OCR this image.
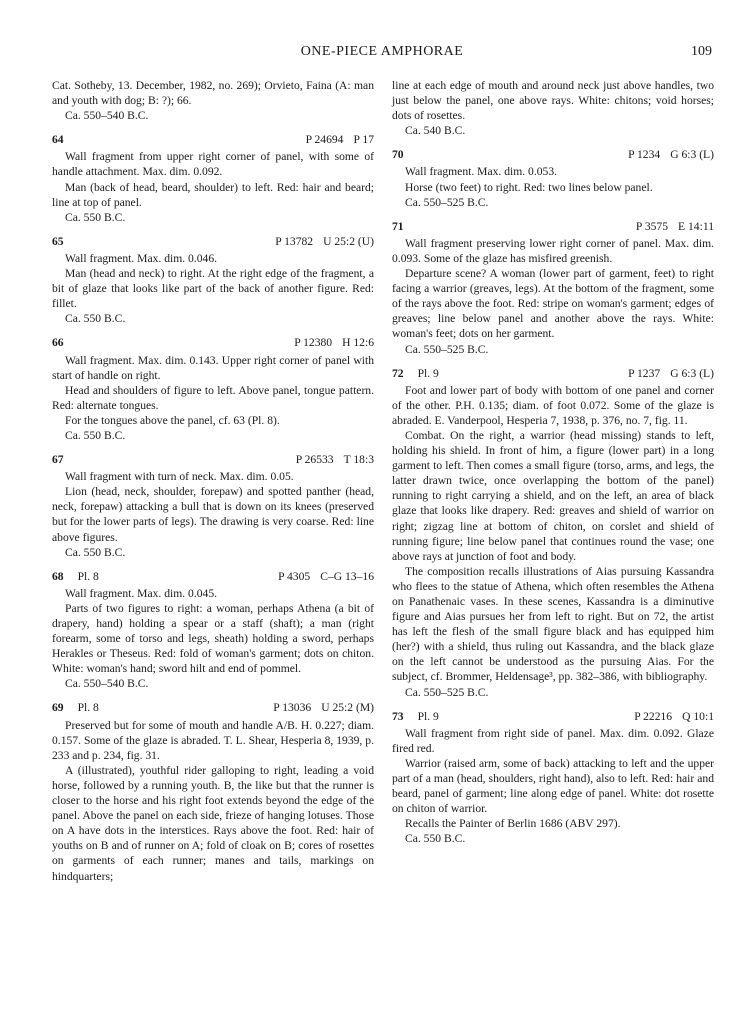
ONE-PIECE AMPHORAE	109

Cat. Sotheby, 13. December, 1982, no. 269); Orvieto, Faina (A: man and youth with dog; B: ?); 66.

Ca. 550–540 B.C.

64	P 24694 P 17

Wall fragment from upper right corner of panel, with some of handle attachment. Max. dim. 0.092.

Man (back of head, beard, shoulder) to left. Red: hair and beard; line at top of panel.

Ca. 550 B.C.

65	P 13782 U 25:2 (U)

Wall fragment. Max. dim. 0.046.

Man (head and neck) to right. At the right edge of the fragment, a bit of glaze that looks like part of the back of another figure. Red: fillet.

Ca. 550 B.C.

66	P 12380 H 12:6

Wall fragment. Max. dim. 0.143. Upper right corner of panel with start of handle on right.

Head and shoulders of figure to left. Above panel, tongue pattern. Red: alternate tongues.

For the tongues above the panel, cf. 63 (Pl. 8).

Ca. 550 B.C.

67	P 26533 T 18:3

Wall fragment with turn of neck. Max. dim. 0.05.

Lion (head, neck, shoulder, forepaw) and spotted panther (head, neck, forepaw) attacking a bull that is down on its knees (preserved but for the lower parts of legs). The drawing is very coarse. Red: line above figures.

Ca. 550 B.C.

68 Pl. 8	P 4305 C–G 13–16

Wall fragment. Max. dim. 0.045.

Parts of two figures to right: a woman, perhaps Athena (a bit of drapery, hand) holding a spear or a staff (shaft); a man (right forearm, some of torso and legs, sheath) holding a sword, perhaps Herakles or Theseus. Red: fold of woman's garment; dots on chiton. White: woman's hand; sword hilt and end of pommel.

Ca. 550–540 B.C.

69 Pl. 8	P 13036 U 25:2 (M)

Preserved but for some of mouth and handle A/B. H. 0.227; diam. 0.157. Some of the glaze is abraded. T. L. Shear, Hesperia 8, 1939, p. 233 and p. 234, fig. 31.

A (illustrated), youthful rider galloping to right, leading a void horse, followed by a running youth. B, the like but that the runner is closer to the horse and his right foot extends beyond the edge of the panel. Above the panel on each side, frieze of hanging lotuses. Those on A have dots in the interstices. Rays above the foot. Red: hair of youths on B and of runner on A; fold of cloak on B; cores of rosettes on garments of each runner; manes and tails, markings on hindquarters;

line at each edge of mouth and around neck just above handles, two just below the panel, one above rays. White: chitons; void horses; dots of rosettes.

Ca. 540 B.C.

70	P 1234 G 6:3 (L)

Wall fragment. Max. dim. 0.053.

Horse (two feet) to right. Red: two lines below panel.

Ca. 550–525 B.C.

71	P 3575 E 14:11

Wall fragment preserving lower right corner of panel. Max. dim. 0.093. Some of the glaze has misfired greenish.

Departure scene? A woman (lower part of garment, feet) to right facing a warrior (greaves, legs). At the bottom of the fragment, some of the rays above the foot. Red: stripe on woman's garment; edges of greaves; line below panel and another above the rays. White: woman's feet; dots on her garment.

Ca. 550–525 B.C.

72 Pl. 9	P 1237 G 6:3 (L)

Foot and lower part of body with bottom of one panel and corner of the other. P.H. 0.135; diam. of foot 0.072. Some of the glaze is abraded. E. Vanderpool, Hesperia 7, 1938, p. 376, no. 7, fig. 11.

Combat. On the right, a warrior (head missing) stands to left, holding his shield. In front of him, a figure (lower part) in a long garment to left. Then comes a small figure (torso, arms, and legs, the latter drawn twice, once overlapping the bottom of the panel) running to right carrying a shield, and on the left, an area of black glaze that looks like drapery. Red: greaves and shield of warrior on right; zigzag line at bottom of chiton, on corslet and shield of running figure; line below panel that continues round the vase; one above rays at junction of foot and body.

The composition recalls illustrations of Aias pursuing Kassandra who flees to the statue of Athena, which often resembles the Athena on Panathenaic vases. In these scenes, Kassandra is a diminutive figure and Aias pursues her from left to right. But on 72, the artist has left the flesh of the small figure black and has equipped him (her?) with a shield, thus ruling out Kassandra, and the black glaze on the left cannot be understood as the pursuing Aias. For the subject, cf. Brommer, Heldensage³, pp. 382–386, with bibliography.

Ca. 550–525 B.C.

73 Pl. 9	P 22216 Q 10:1

Wall fragment from right side of panel. Max. dim. 0.092. Glaze fired red.

Warrior (raised arm, some of back) attacking to left and the upper part of a man (head, shoulders, right hand), also to left. Red: hair and beard, panel of garment; line along edge of panel. White: dot rosette on chiton of warrior.

Recalls the Painter of Berlin 1686 (ABV 297).

Ca. 550 B.C.
